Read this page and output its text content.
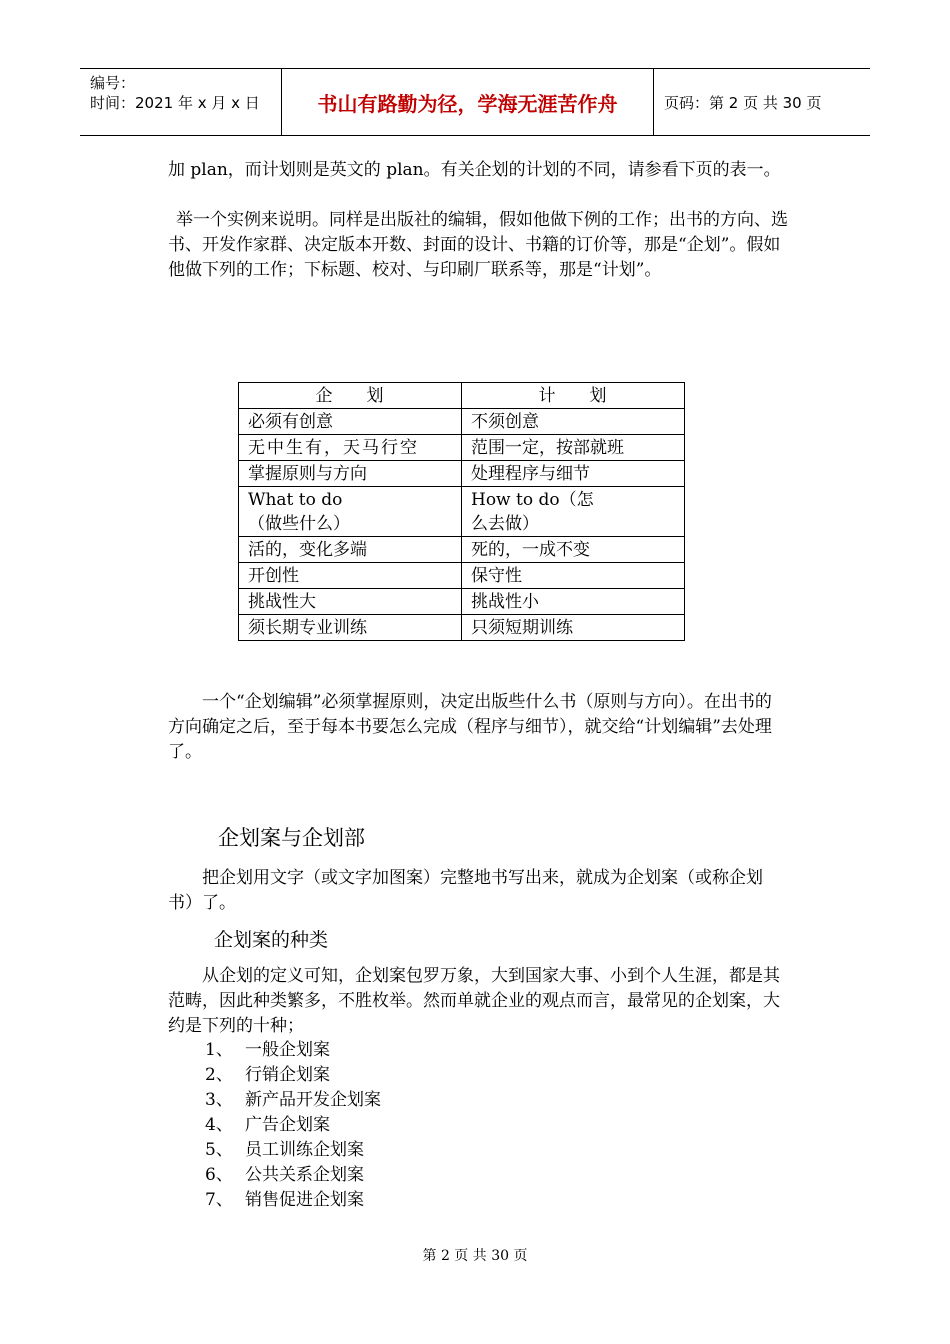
编号：
时间：2021 年 x 月 x 日	书山有路勤为径，学海无涯苦作舟	页码：第 2 页 共 30 页

加 plan，而计划则是英文的 plan。有关企划的计划的不同，请参看下页的表一。

举一个实例来说明。同样是出版社的编辑，假如他做下例的工作；出书的方向、选书、开发作家群、决定版本开数、封面的设计、书籍的订价等，那是“企划”。假如他做下列的工作；下标题、校对、与印刷厂联系等，那是“计划”。

企　　划	计　　划
必须有创意	不须创意
无中生有，天马行空	范围一定，按部就班
掌握原则与方向	处理程序与细节
What to do（做些什么）	How to do（怎么去做）
活的，变化多端	死的，一成不变
开创性	保守性
挑战性大	挑战性小
须长期专业训练	只须短期训练

一个“企划编辑”必须掌握原则，决定出版些什么书（原则与方向）。在出书的方向确定之后，至于每本书要怎么完成（程序与细节），就交给“计划编辑”去处理了。

企划案与企划部

把企划用文字（或文字加图案）完整地书写出来，就成为企划案（或称企划书）了。

企划案的种类

从企划的定义可知，企划案包罗万象，大到国家大事、小到个人生涯，都是其范畴，因此种类繁多，不胜枚举。然而单就企业的观点而言，最常见的企划案，大约是下列的十种；

1、 一般企划案
2、 行销企划案
3、 新产品开发企划案
4、 广告企划案
5、 员工训练企划案
6、 公共关系企划案
7、 销售促进企划案
第 2 页 共 30 页
